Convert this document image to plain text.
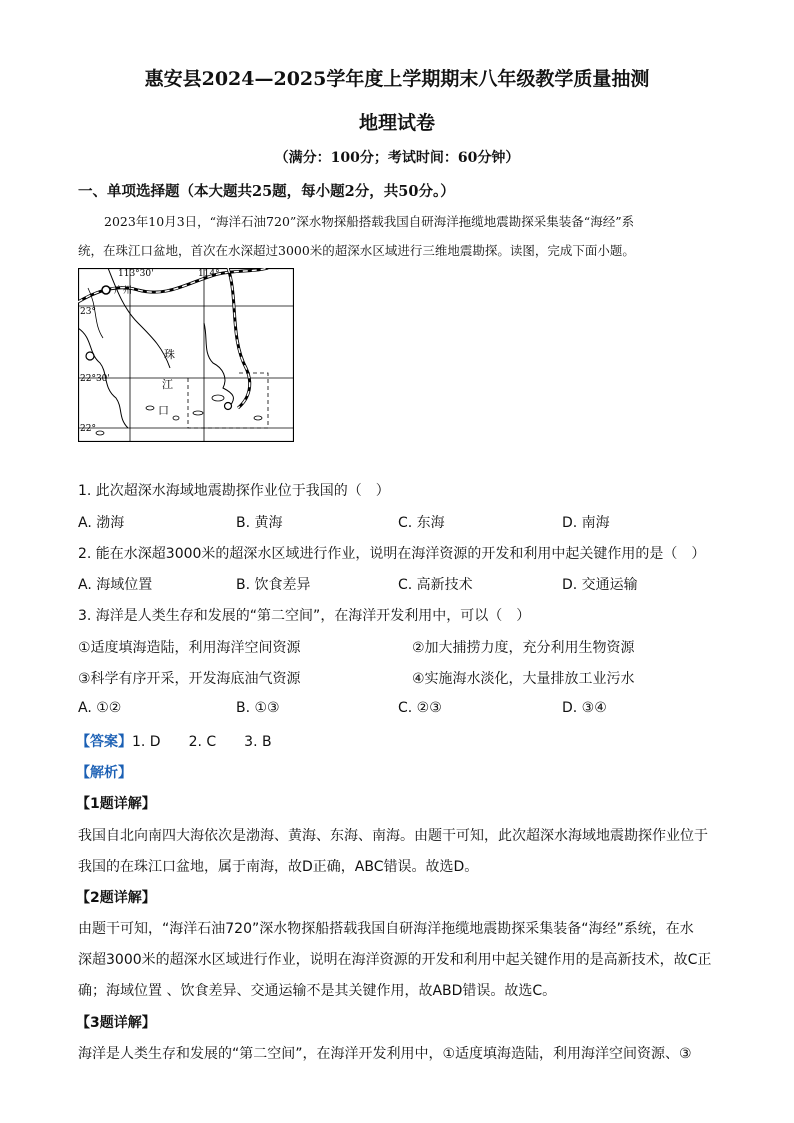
惠安县2024—2025学年度上学期期末八年级教学质量抽测
地理试卷
（满分：100分；考试时间：60分钟）
一、单项选择题（本大题共25题，每小题2分，共50分。）
2023年10月3日，“海洋石油720”深水物探船搭载我国自研海洋拖缆地震勘探采集装备“海经”系
统，在珠江口盆地，首次在水深超过3000米的超深水区域进行三维地震勘探。读图，完成下面小题。
113°30'	114°
广州
23°
22°30'
22°
珠
江
口
1. 此次超深水海域地震勘探作业位于我国的（　）
A. 渤海	B. 黄海	C. 东海	D. 南海
2. 能在水深超3000米的超深水区域进行作业，说明在海洋资源的开发和利用中起关键作用的是（　）
A. 海域位置	B. 饮食差异	C. 高新技术	D. 交通运输
3. 海洋是人类生存和发展的“第二空间”，在海洋开发利用中，可以（　）
①适度填海造陆，利用海洋空间资源	②加大捕捞力度，充分利用生物资源
③科学有序开采，开发海底油气资源	④实施海水淡化，大量排放工业污水
A. ①②	B. ①③	C. ②③	D. ③④
【答案】1. D　　2. C　　3. B
【解析】
【1题详解】
我国自北向南四大海依次是渤海、黄海、东海、南海。由题干可知，此次超深水海域地震勘探作业位于
我国的在珠江口盆地，属于南海，故D正确，ABC错误。故选D。
【2题详解】
由题干可知，“海洋石油720”深水物探船搭载我国自研海洋拖缆地震勘探采集装备“海经”系统，在水
深超3000米的超深水区域进行作业，说明在海洋资源的开发和利用中起关键作用的是高新技术，故C正
确；海域位置 、饮食差异、交通运输不是其关键作用，故ABD错误。故选C。
【3题详解】
海洋是人类生存和发展的“第二空间”，在海洋开发利用中，①适度填海造陆，利用海洋空间资源、③
